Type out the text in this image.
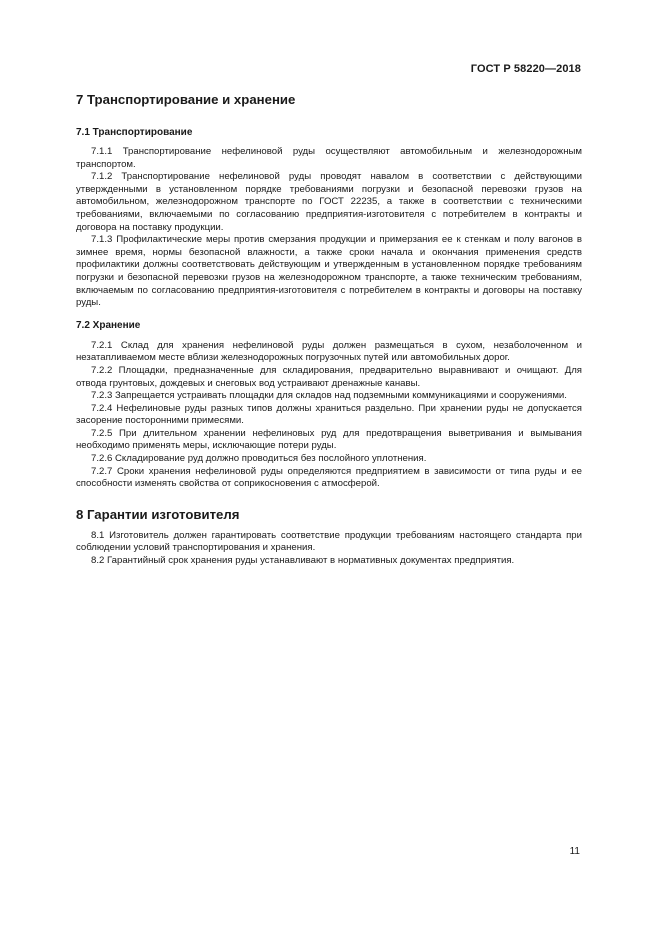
ГОСТ Р 58220—2018
7 Транспортирование и хранение
7.1 Транспортирование

7.1.1 Транспортирование нефелиновой руды осуществляют автомобильным и железнодорожным транспортом.

7.1.2 Транспортирование нефелиновой руды проводят навалом в соответствии с действующими утвержденными в установленном порядке требованиями погрузки и безопасной перевозки грузов на автомобильном, железнодорожном транспорте по ГОСТ 22235, а также в соответствии с техническими требованиями, включаемыми по согласованию предприятия-изготовителя с потребителем в контракты и договора на поставку продукции.

7.1.3 Профилактические меры против смерзания продукции и примерзания ее к стенкам и полу вагонов в зимнее время, нормы безопасной влажности, а также сроки начала и окончания применения средств профилактики должны соответствовать действующим и утвержденным в установленном порядке требованиям погрузки и безопасной перевозки грузов на железнодорожном транспорте, а также техническим требованиям, включаемым по согласованию предприятия-изготовителя с потребителем в контракты и договоры на поставку руды.

7.2 Хранение

7.2.1 Склад для хранения нефелиновой руды должен размещаться в сухом, незаболоченном и незатапливаемом месте вблизи железнодорожных погрузочных путей или автомобильных дорог.

7.2.2 Площадки, предназначенные для складирования, предварительно выравнивают и очищают. Для отвода грунтовых, дождевых и снеговых вод устраивают дренажные канавы.

7.2.3 Запрещается устраивать площадки для складов над подземными коммуникациями и сооружениями.

7.2.4 Нефелиновые руды разных типов должны храниться раздельно. При хранении руды не допускается засорение посторонними примесями.

7.2.5 При длительном хранении нефелиновых руд для предотвращения выветривания и вымывания необходимо применять меры, исключающие потери руды.

7.2.6 Складирование руд должно проводиться без послойного уплотнения.

7.2.7 Сроки хранения нефелиновой руды определяются предприятием в зависимости от типа руды и ее способности изменять свойства от соприкосновения с атмосферой.

8 Гарантии изготовителя

8.1 Изготовитель должен гарантировать соответствие продукции требованиям настоящего стандарта при соблюдении условий транспортирования и хранения.

8.2 Гарантийный срок хранения руды устанавливают в нормативных документах предприятия.

11
